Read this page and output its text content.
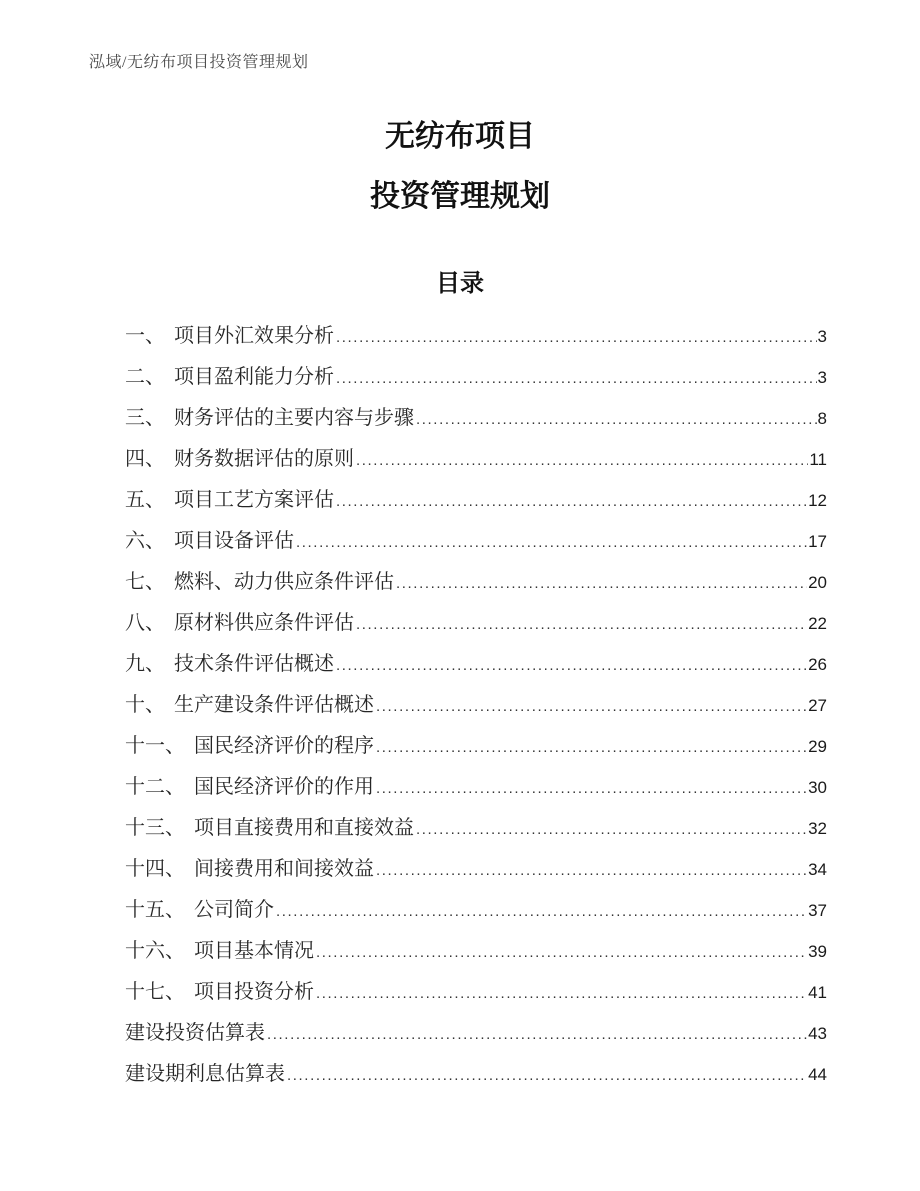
泓域/无纺布项目投资管理规划
无纺布项目
投资管理规划
目录
一、 项目外汇效果分析 .....	3
二、 项目盈利能力分析 .....	3
三、 财务评估的主要内容与步骤 .....	8
四、 财务数据评估的原则 .....	11
五、 项目工艺方案评估 .....	12
六、 项目设备评估 .....	17
七、 燃料、动力供应条件评估 .....	20
八、 原材料供应条件评估 .....	22
九、 技术条件评估概述 .....	26
十、 生产建设条件评估概述 .....	27
十一、 国民经济评价的程序 .....	29
十二、 国民经济评价的作用 .....	30
十三、 项目直接费用和直接效益 .....	32
十四、 间接费用和间接效益 .....	34
十五、 公司简介 .....	37
十六、 项目基本情况 .....	39
十七、 项目投资分析 .....	41
建设投资估算表 .....	43
建设期利息估算表 .....	44
